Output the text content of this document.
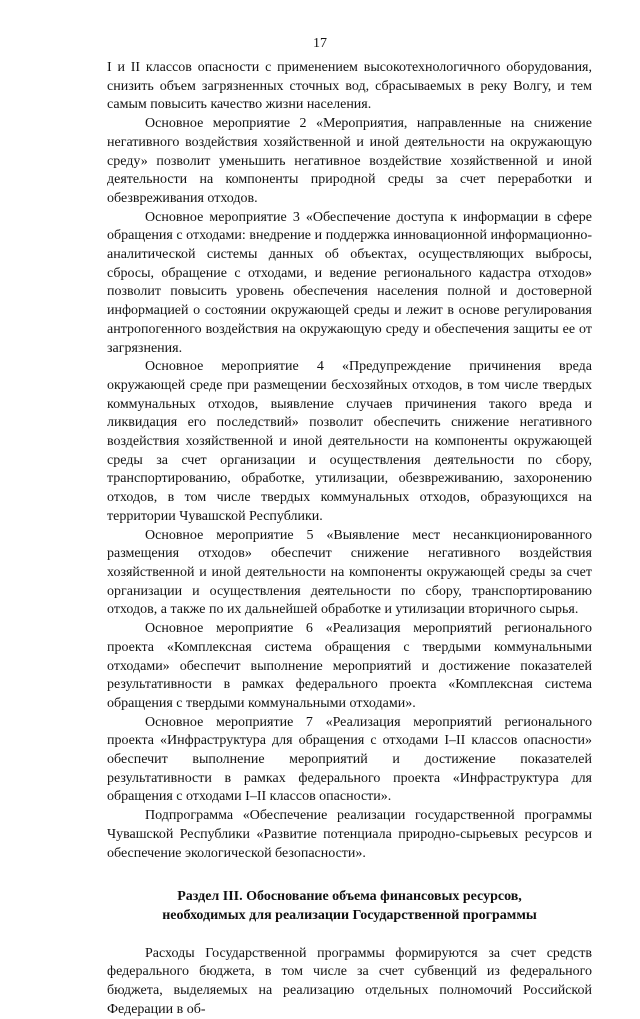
17

I и II классов опасности с применением высокотехнологичного оборудования, снизить объем загрязненных сточных вод, сбрасываемых в реку Волгу, и тем самым повысить качество жизни населения.

Основное мероприятие 2 «Мероприятия, направленные на снижение негативного воздействия хозяйственной и иной деятельности на окружающую среду» позволит уменьшить негативное воздействие хозяйственной и иной деятельности на компоненты природной среды за счет переработки и обезвреживания отходов.

Основное мероприятие 3 «Обеспечение доступа к информации в сфере обращения с отходами: внедрение и поддержка инновационной информационно-аналитической системы данных об объектах, осуществляющих выбросы, сбросы, обращение с отходами, и ведение регионального кадастра отходов» позволит повысить уровень обеспечения населения полной и достоверной информацией о состоянии окружающей среды и лежит в основе регулирования антропогенного воздействия на окружающую среду и обеспечения защиты ее от загрязнения.

Основное мероприятие 4 «Предупреждение причинения вреда окружающей среде при размещении бесхозяйных отходов, в том числе твердых коммунальных отходов, выявление случаев причинения такого вреда и ликвидация его последствий» позволит обеспечить снижение негативного воздействия хозяйственной и иной деятельности на компоненты окружающей среды за счет организации и осуществления деятельности по сбору, транспортированию, обработке, утилизации, обезвреживанию, захоронению отходов, в том числе твердых коммунальных отходов, образующихся на территории Чувашской Республики.

Основное мероприятие 5 «Выявление мест несанкционированного размещения отходов» обеспечит снижение негативного воздействия хозяйственной и иной деятельности на компоненты окружающей среды за счет организации и осуществления деятельности по сбору, транспортированию отходов, а также по их дальнейшей обработке и утилизации вторичного сырья.

Основное мероприятие 6 «Реализация мероприятий регионального проекта «Комплексная система обращения с твердыми коммунальными отходами» обеспечит выполнение мероприятий и достижение показателей результативности в рамках федерального проекта «Комплексная система обращения с твердыми коммунальными отходами».

Основное мероприятие 7 «Реализация мероприятий регионального проекта «Инфраструктура для обращения с отходами I–II классов опасности» обеспечит выполнение мероприятий и достижение показателей результативности в рамках федерального проекта «Инфраструктура для обращения с отходами I–II классов опасности».

Подпрограмма «Обеспечение реализации государственной программы Чувашской Республики «Развитие потенциала природно-сырьевых ресурсов и обеспечение экологической безопасности».

Раздел III. Обоснование объема финансовых ресурсов,
необходимых для реализации Государственной программы

Расходы Государственной программы формируются за счет средств федерального бюджета, в том числе за счет субвенций из федерального бюджета, выделяемых на реализацию отдельных полномочий Российской Федерации в об-
